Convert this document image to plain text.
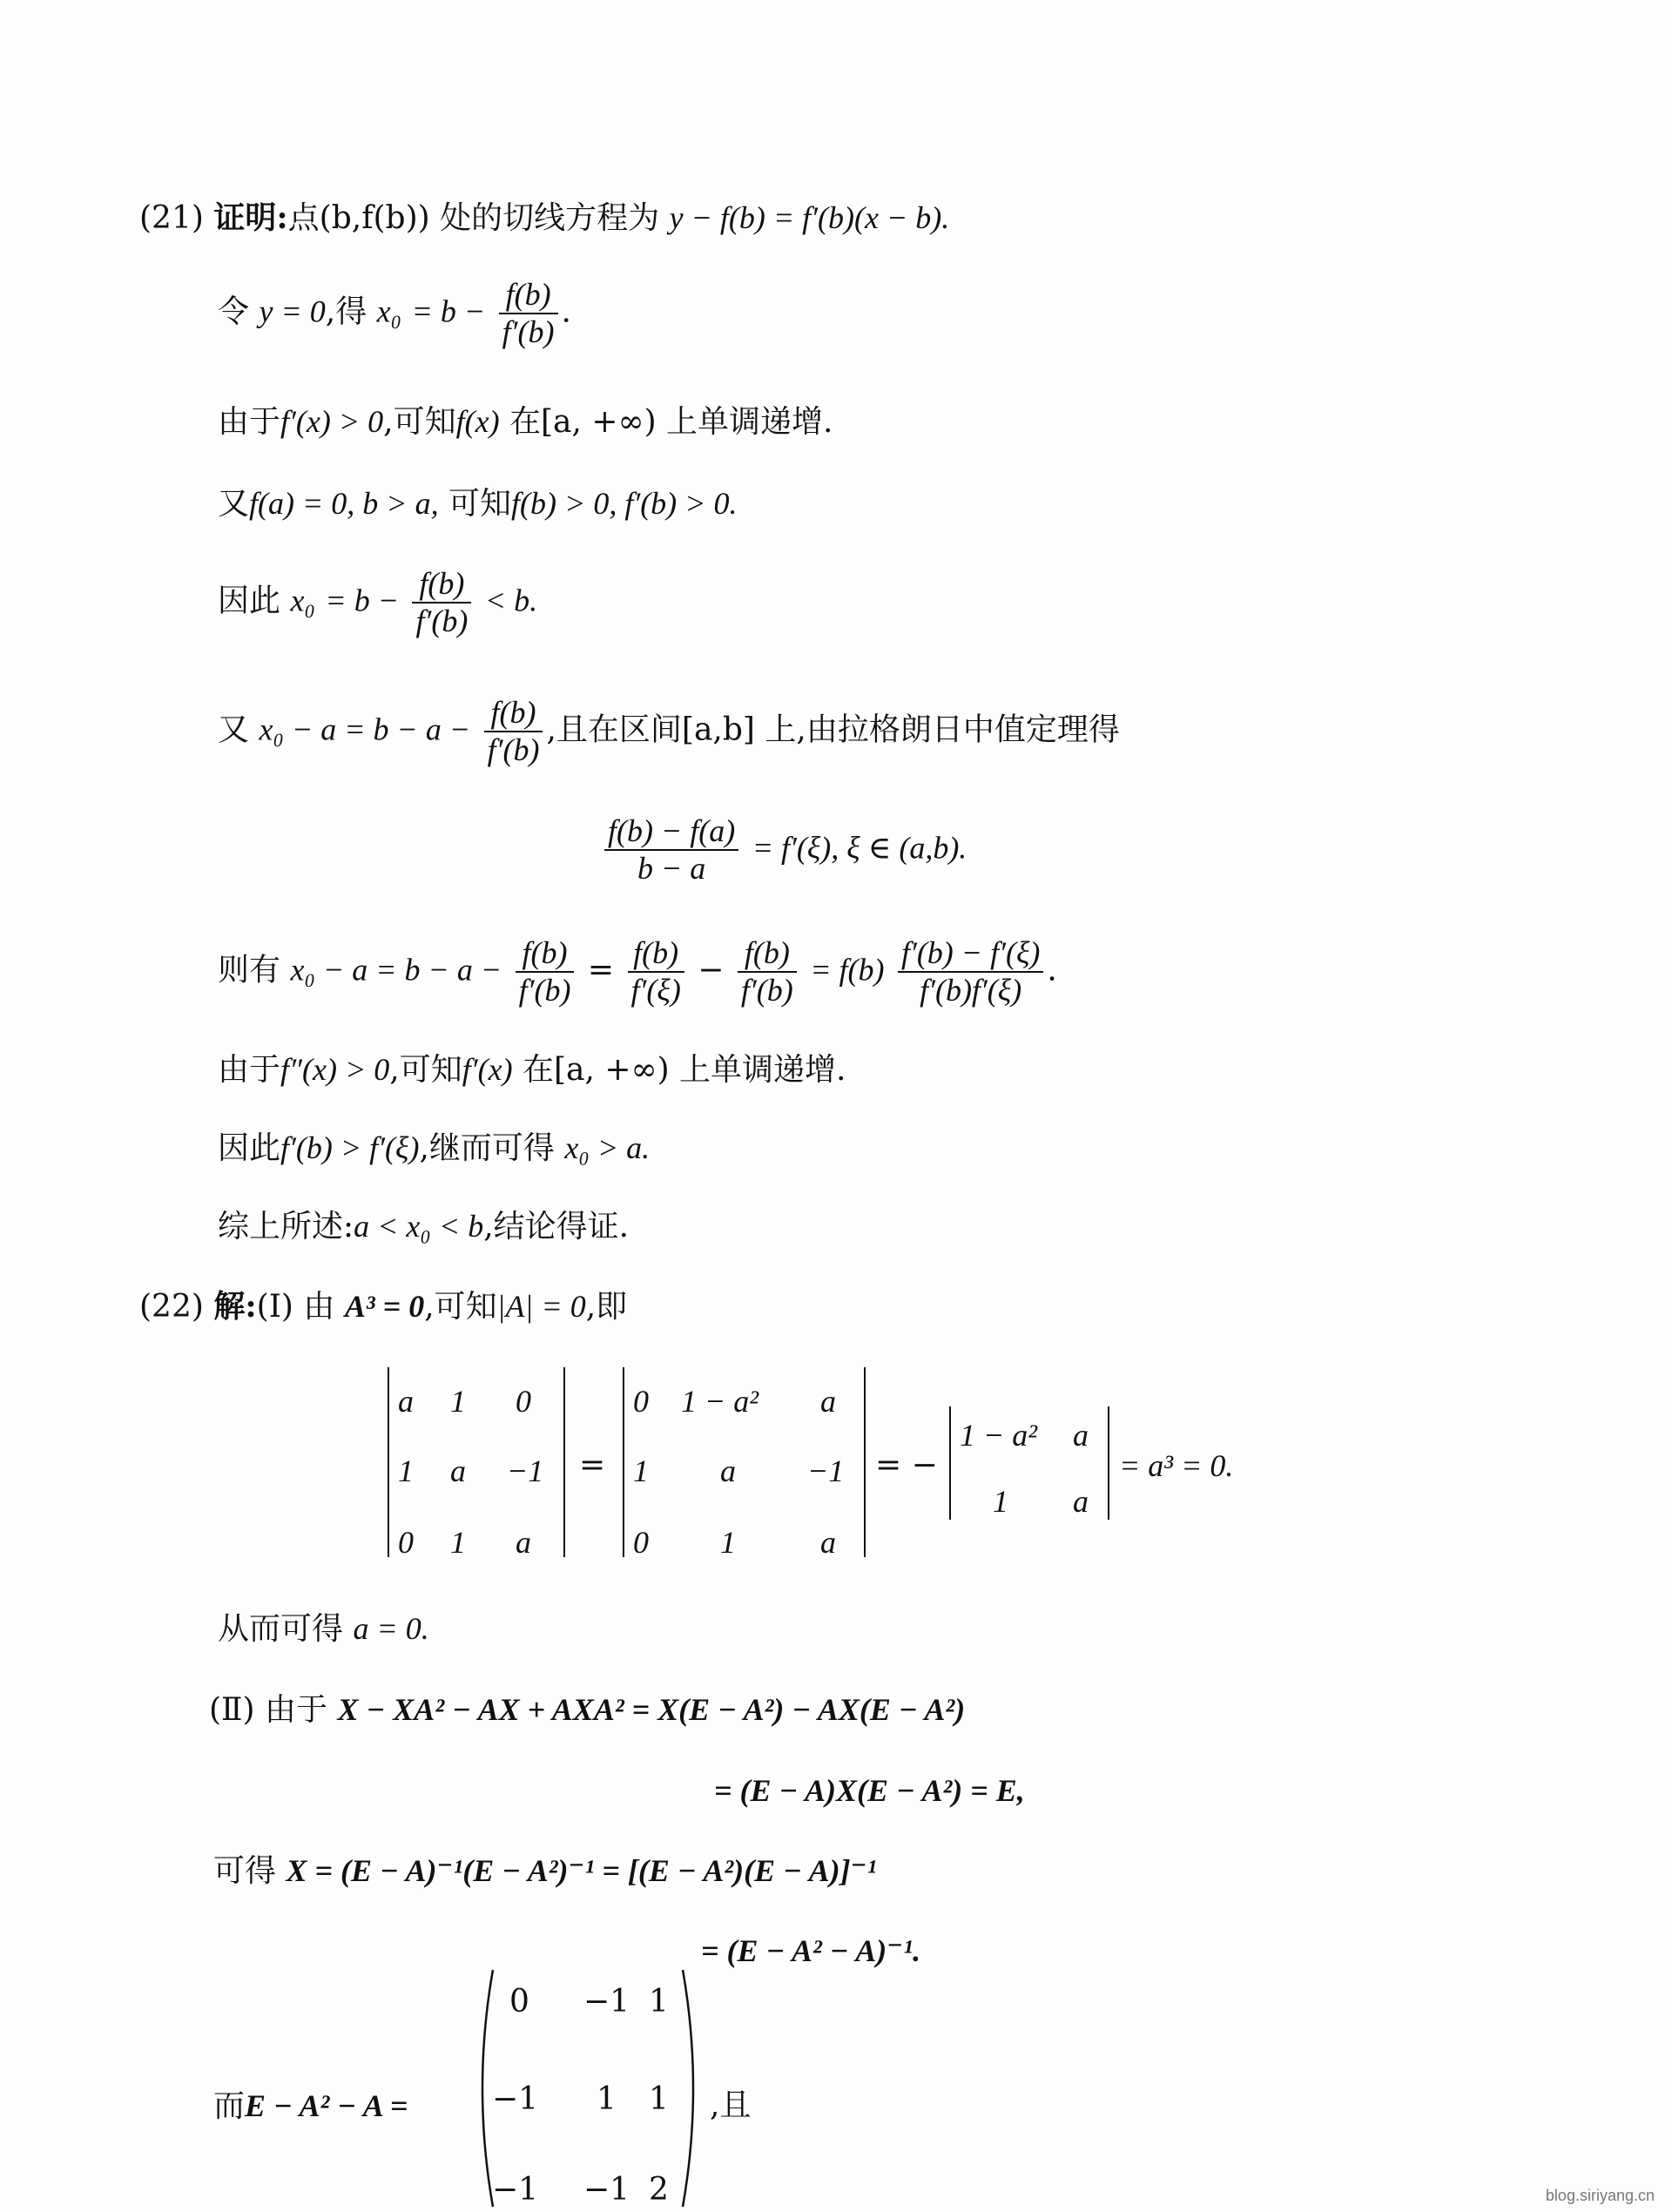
(21) 证明:点(b,f(b)) 处的切线方程为 y − f(b) = f′(b)(x − b).
令 y = 0,得 $x_0 = b - \frac{f(b)}{f'(b)}$ .
由于f′(x) > 0,可知f(x) 在[a, +∞) 上单调递增.
又f(a) = 0, b > a, 可知f(b) > 0, f′(b) > 0.
因此 $x_0 = b - \frac{f(b)}{f'(b)} < b$.
又 $x_0 - a = b - a - \frac{f(b)}{f'(b)}$ ,且在区间[a,b] 上,由拉格朗日中值定理得
$\frac{f(b) - f(a)}{b - a} = f'(\xi)$, ξ ∈ (a,b).
则有 $x_0 - a = b - a - \frac{f(b)}{f'(b)} = \frac{f(b)}{f'(\xi)} - \frac{f(b)}{f'(b)} = f(b) \frac{f'(b) - f'(\xi)}{f'(b)f'(\xi)}$ .
由于f″(x) > 0,可知f′(x) 在[a, +∞) 上单调递增.
因此f′(b) > f′(ξ),继而可得 x₀ > a.
综上所述:a < x₀ < b,结论得证.
(22) 解:(Ⅰ) 由 A³ = 0,可知|A| = 0,即
a 1 0
1 a −1
0 1 a
=
0 1 − a² a
1 a −1
0 1	a
= −
1 − a² a
1 a
= a³ = 0.
从而可得 a = 0.
(Ⅱ) 由于 X − XA² − AX + AXA² = X(E − A²) − AX(E − A²)
= (E − A)X(E − A²) = E,
可得 X = (E − A)⁻¹(E − A²)⁻¹ = [(E − A²)(E − A)]⁻¹
= (E − A² − A)⁻¹.
而E − A² − A =
0 −1 1
−1 1 1
−1 −1 2
,且
blog.siriyang.cn
